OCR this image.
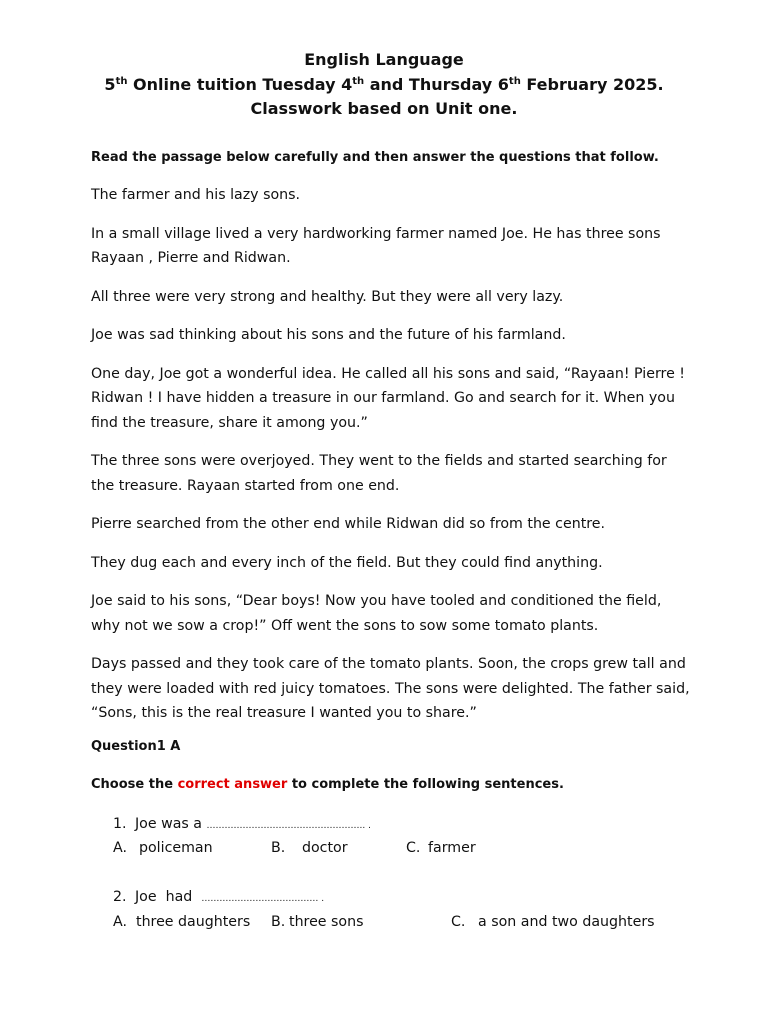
English Language
5th Online tuition Tuesday 4th and Thursday 6th February 2025.
Classwork based on Unit one.
Read the passage below carefully and then answer the questions that follow.

The farmer and his lazy sons.

In a small village lived a very hardworking farmer named Joe. He has three sons Rayaan , Pierre and Ridwan.

All three were very strong and healthy. But they were all very lazy.

Joe was sad thinking about his sons and the future of his farmland.

One day, Joe got a wonderful idea. He called all his sons and said, “Rayaan! Pierre ! Ridwan ! I have hidden a treasure in our farmland. Go and search for it. When you find the treasure, share it among you.”

The three sons were overjoyed. They went to the fields and started searching for the treasure. Rayaan started from one end.

Pierre searched from the other end while Ridwan did so from the centre.

They dug each and every inch of the field. But they could find anything.

Joe said to his sons, “Dear boys! Now you have tooled and conditioned the field, why not we sow a crop!” Off went the sons to sow some tomato plants.

Days passed and they took care of the tomato plants. Soon, the crops grew tall and they were loaded with red juicy tomatoes. The sons were delighted. The father said, “Sons, this is the real treasure I wanted you to share.”

Question1 A
Choose the correct answer to complete the following sentences.
1. Joe was a …………………………………………….. .
A. policeman	B. doctor	C. farmer
2. Joe  had  ………………………………… .
A. three daughters B. three sons	C. a son and two daughters
